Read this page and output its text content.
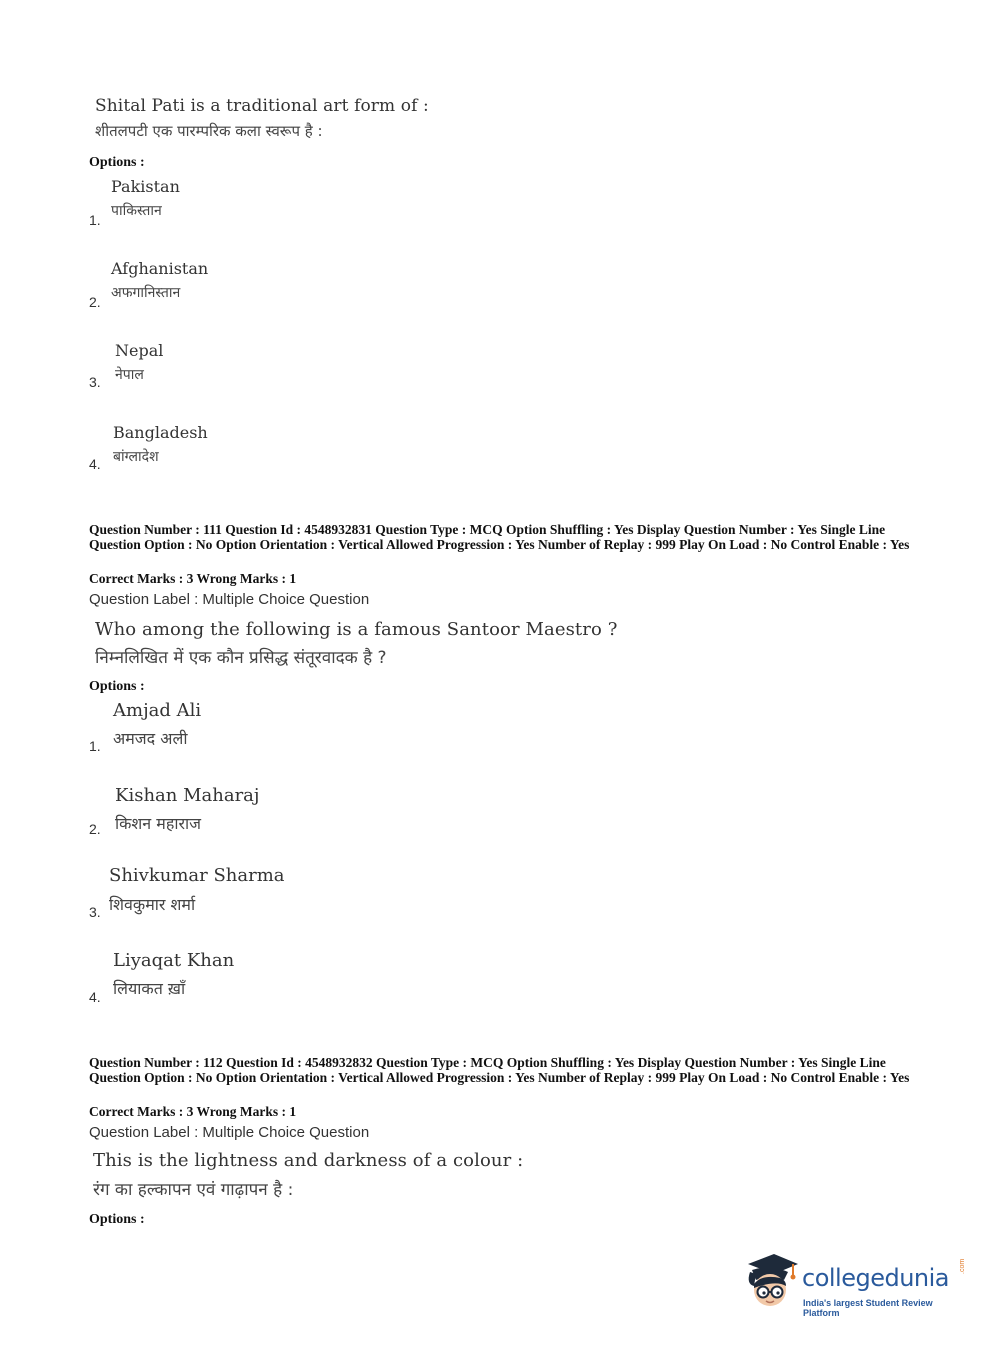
Shital Pati is a traditional art form of :
शीतलपटी एक पारम्परिक कला स्वरूप है :
Options :
Pakistan
पाकिस्तान
1.
Afghanistan
अफगानिस्तान
2.
Nepal
नेपाल
3.
Bangladesh
बांग्लादेश
4.
Question Number : 111 Question Id : 4548932831 Question Type : MCQ Option Shuffling : Yes Display Question Number : Yes Single Line Question Option : No Option Orientation : Vertical Allowed Progression : Yes Number of Replay : 999 Play On Load : No Control Enable : Yes
Correct Marks : 3 Wrong Marks : 1
Question Label : Multiple Choice Question
Who among the following is a famous Santoor Maestro ?
निम्नलिखित में एक कौन प्रसिद्ध संतूरवादक है ?
Options :
Amjad Ali
अमजद अली
1.
Kishan Maharaj
किशन महाराज
2.
Shivkumar Sharma
शिवकुमार शर्मा
3.
Liyaqat Khan
लियाकत ख़ाँ
4.
Question Number : 112 Question Id : 4548932832 Question Type : MCQ Option Shuffling : Yes Display Question Number : Yes Single Line Question Option : No Option Orientation : Vertical Allowed Progression : Yes Number of Replay : 999 Play On Load : No Control Enable : Yes
Correct Marks : 3 Wrong Marks : 1
Question Label : Multiple Choice Question
This is the lightness and darkness of a colour :
रंग का हल्कापन एवं गाढ़ापन है :
Options :
collegedunia .com
India's largest Student Review Platform
